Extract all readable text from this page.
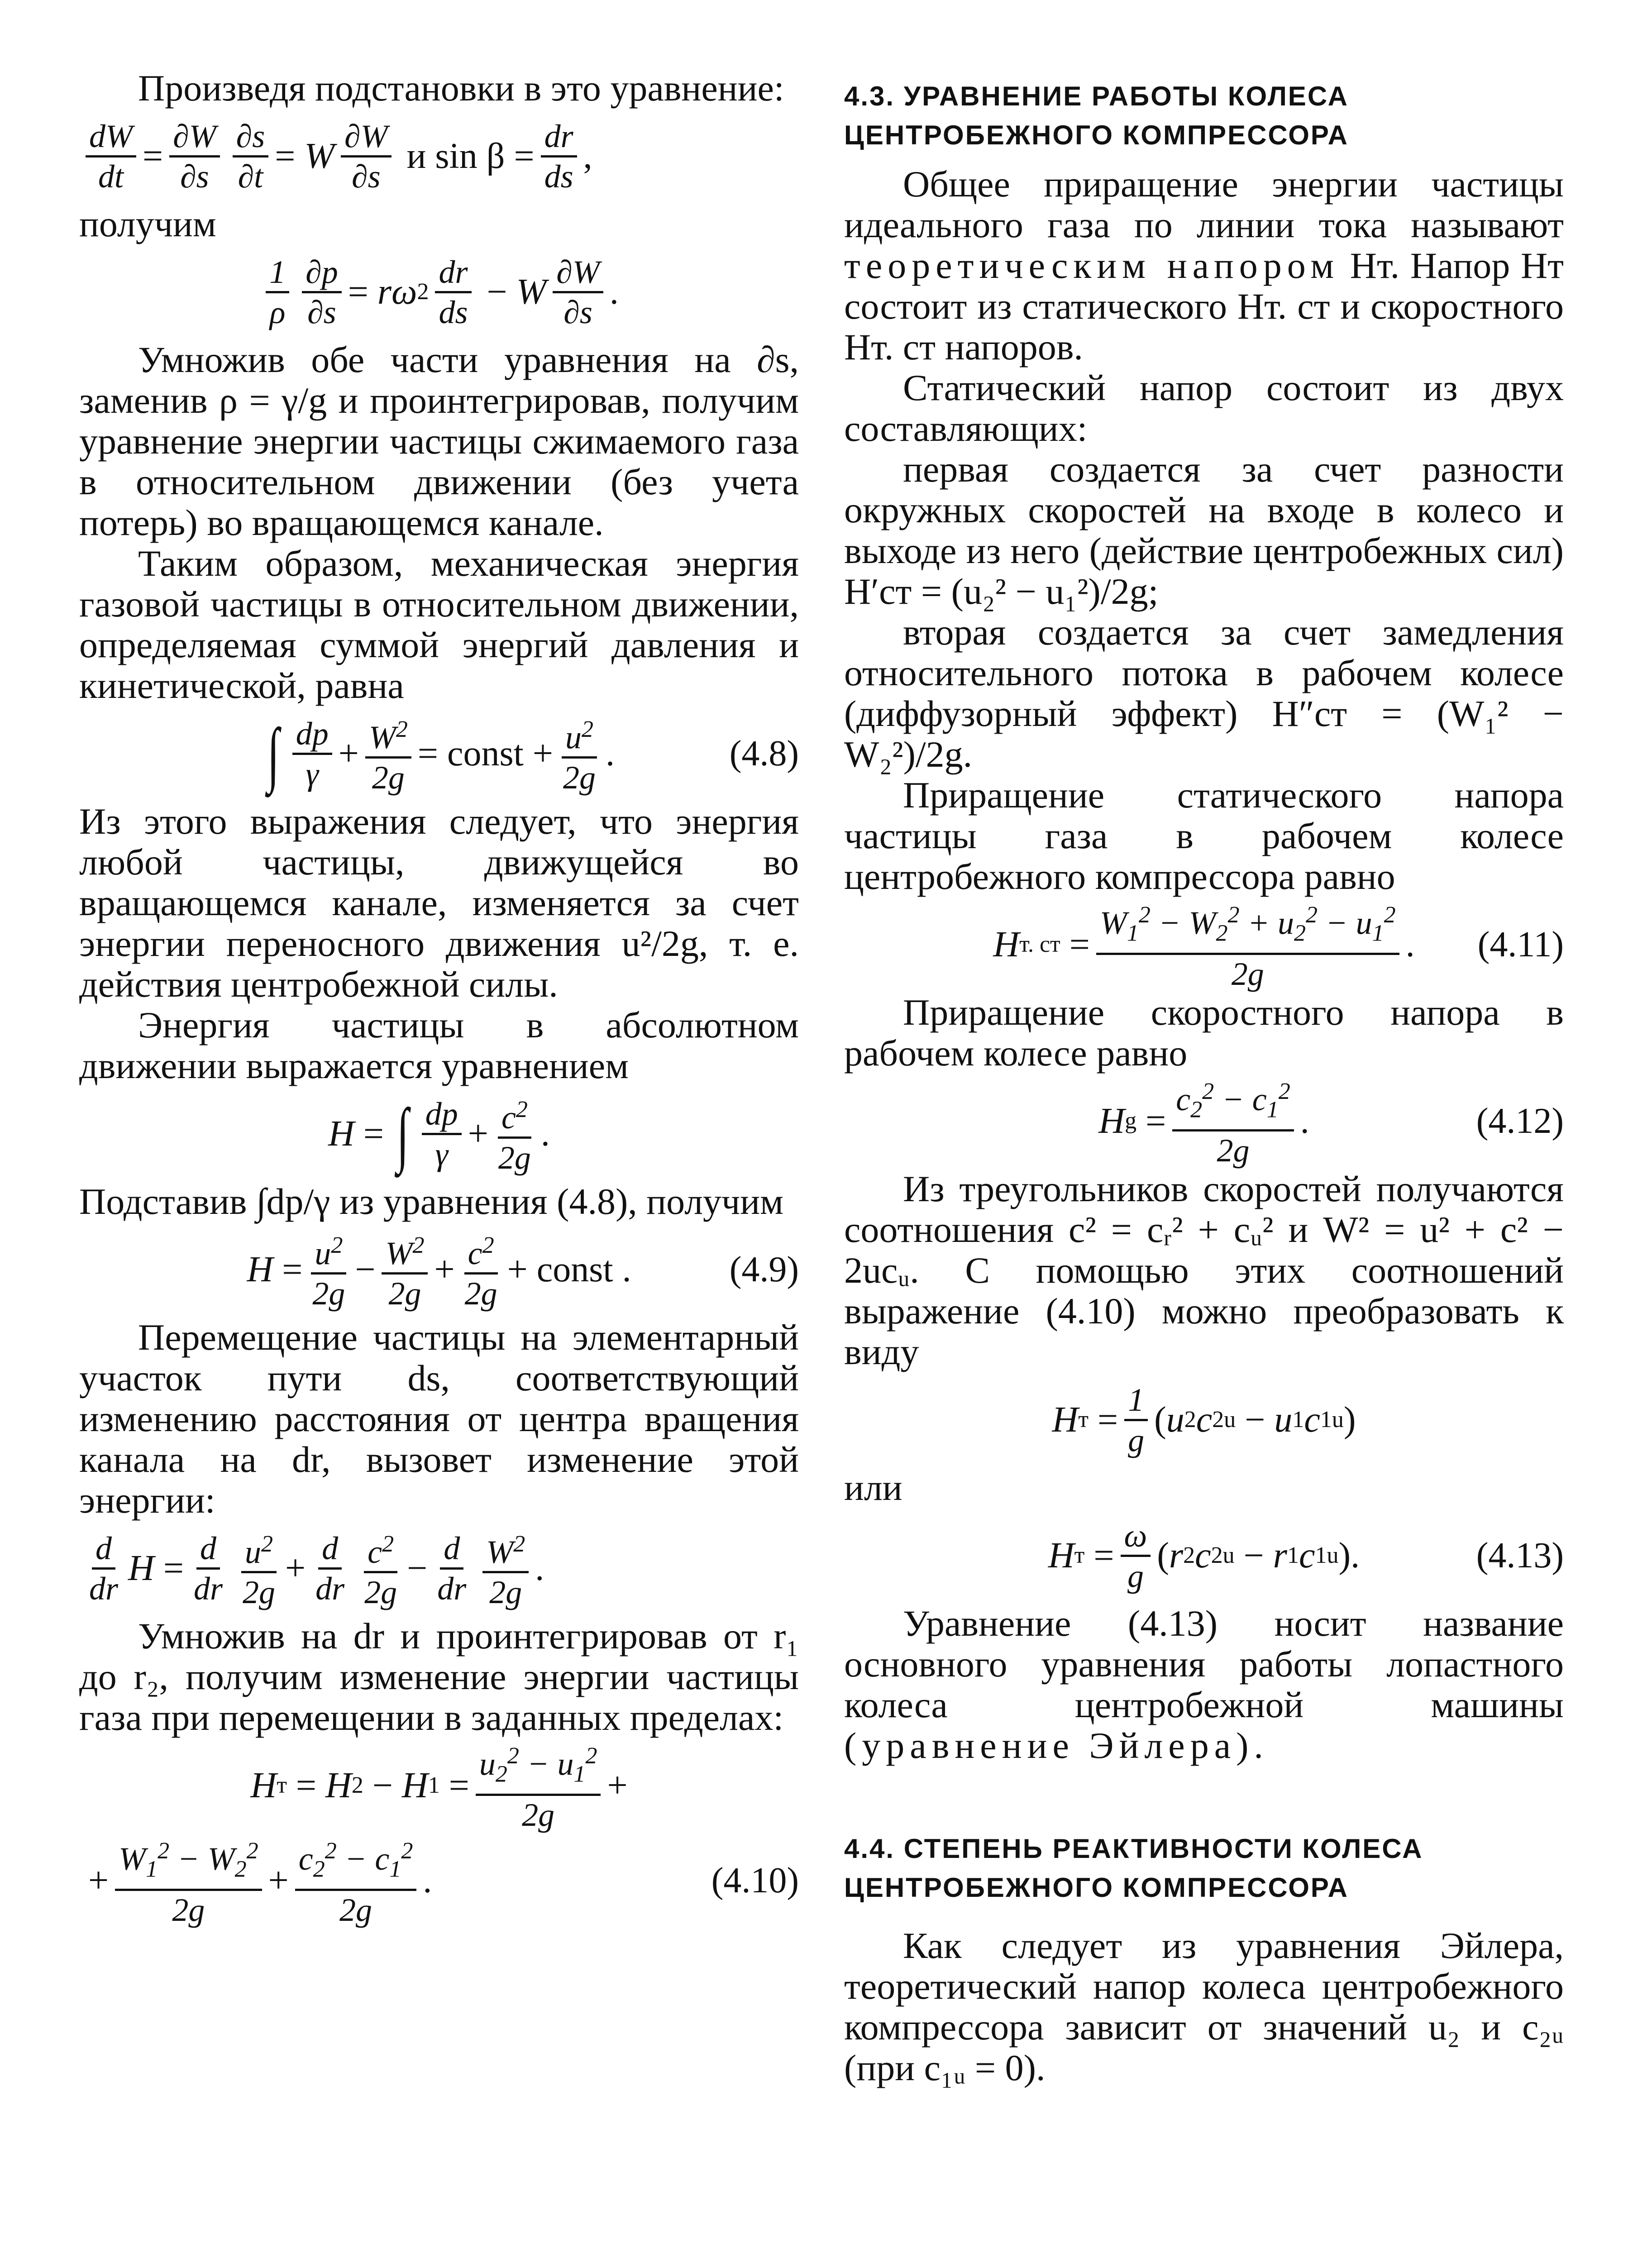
Произведя подстановки в это уравнение:

$\frac{dW}{dt} = \frac{\partial W}{\partial s} \frac{\partial s}{\partial t} = W \frac{\partial W}{\partial s}$ и $\sin \beta = \frac{dr}{ds}$ ,

получим

$\frac{1}{\rho} \frac{\partial p}{\partial s} = r\omega$ $2 \frac{dr}{ds} - W \frac{\partial W}{\partial s}$ .

Умножив обе части уравнения на ∂s, заменив ρ = γ/g и проинтегрировав, получим уравнение энергии частицы сжимаемого газа в относительном движении (без учета потерь) во вращающемся канале.

Таким образом, механическая энергия газовой частицы в относительном движении, определяемая суммой энергий давления и кинетической, равна

∫ $\frac{dp}{\gamma} + \frac{W^2}{2g}$ = const + $\frac{u^2}{2g}$ .	(4.8)

Из этого выражения следует, что энергия любой частицы, движущейся во вращающемся канале, изменяется за счет энергии переносного движения u²/2g, т. е. действия центробежной силы.

Энергия частицы в абсолютном движении выражается уравнением

H = ∫ $\frac{dp}{\gamma} + \frac{c^2}{2g}$ .

Подставив ∫dp/γ из уравнения (4.8), получим

$H = \frac{u^2}{2g} - \frac{W^2}{2g} + \frac{c^2}{2g}$ + const .	(4.9)

Перемещение частицы на элементарный участок пути ds, соответствующий изменению расстояния от центра вращения канала на dr, вызовет изменение этой энергии:

$\frac{d}{dr}$ $H = \frac{d}{dr} \frac{u^2}{2g} + \frac{d}{dr} \frac{c^2}{2g} - \frac{d}{dr} \frac{W^2}{2g}$ .

Умножив на dr и проинтегрировав от r₁ до r₂, получим изменение энергии частицы газа при перемещении в заданных пределах:

H т = H 2 − H $1 = \frac{u_2^2 - u_1^2}{2g}$ +
+ $\frac{W_1^2 - W_2^2}{2g} + \frac{c_2^2 - c_1^2}{2g}$ .	(4.10)
4.3. УРАВНЕНИЕ РАБОТЫ КОЛЕСА ЦЕНТРОБЕЖНОГО КОМПРЕССОРА

Общее приращение энергии частицы идеального газа по линии тока называют теоретическим напором Hт. Напор Hт состоит из статического Hт. ст и скоростного Hт. ст напоров.

Статический напор состоит из двух составляющих:

первая создается за счет разности окружных скоростей на входе в колесо и выходе из него (действие центробежных сил) H′ст = (u₂² − u₁²)/2g;

вторая создается за счет замедления относительного потока в рабочем колесе (диффузорный эффект) H″ст = (W₁² − W₂²)/2g.

Приращение статического напора частицы газа в рабочем колесе центробежного компрессора равно

H т. ст = $\frac{W_1^2 - W_2^2 + u_2^2 - u_1^2}{2g}$ . (4.11)

Приращение скоростного напора в рабочем колесе равно

H $g = \frac{c_2^2 - c_1^2}{2g}$ .	(4.12)

Из треугольников скоростей получаются соотношения c² = cᵣ² + cᵤ² и W² = u² + c² − 2ucᵤ. С помощью этих соотношений выражение (4.10) можно преобразовать к виду

H $т = \frac{1}{g}$ ( u 2 c 2u − u 1 c 1u )

или

H $т = \frac{\omega}{g}$ ( r 2 c 2u − r 1 c 1u ).	(4.13)

Уравнение (4.13) носит название основного уравнения работы лопастного колеса центробежной машины (уравнение Эйлера).

4.4. СТЕПЕНЬ РЕАКТИВНОСТИ КОЛЕСА ЦЕНТРОБЕЖНОГО КОМПРЕССОРА

Как следует из уравнения Эйлера, теоретический напор колеса центробежного компрессора зависит от значений u₂ и c₂ᵤ (при c₁ᵤ = 0).
